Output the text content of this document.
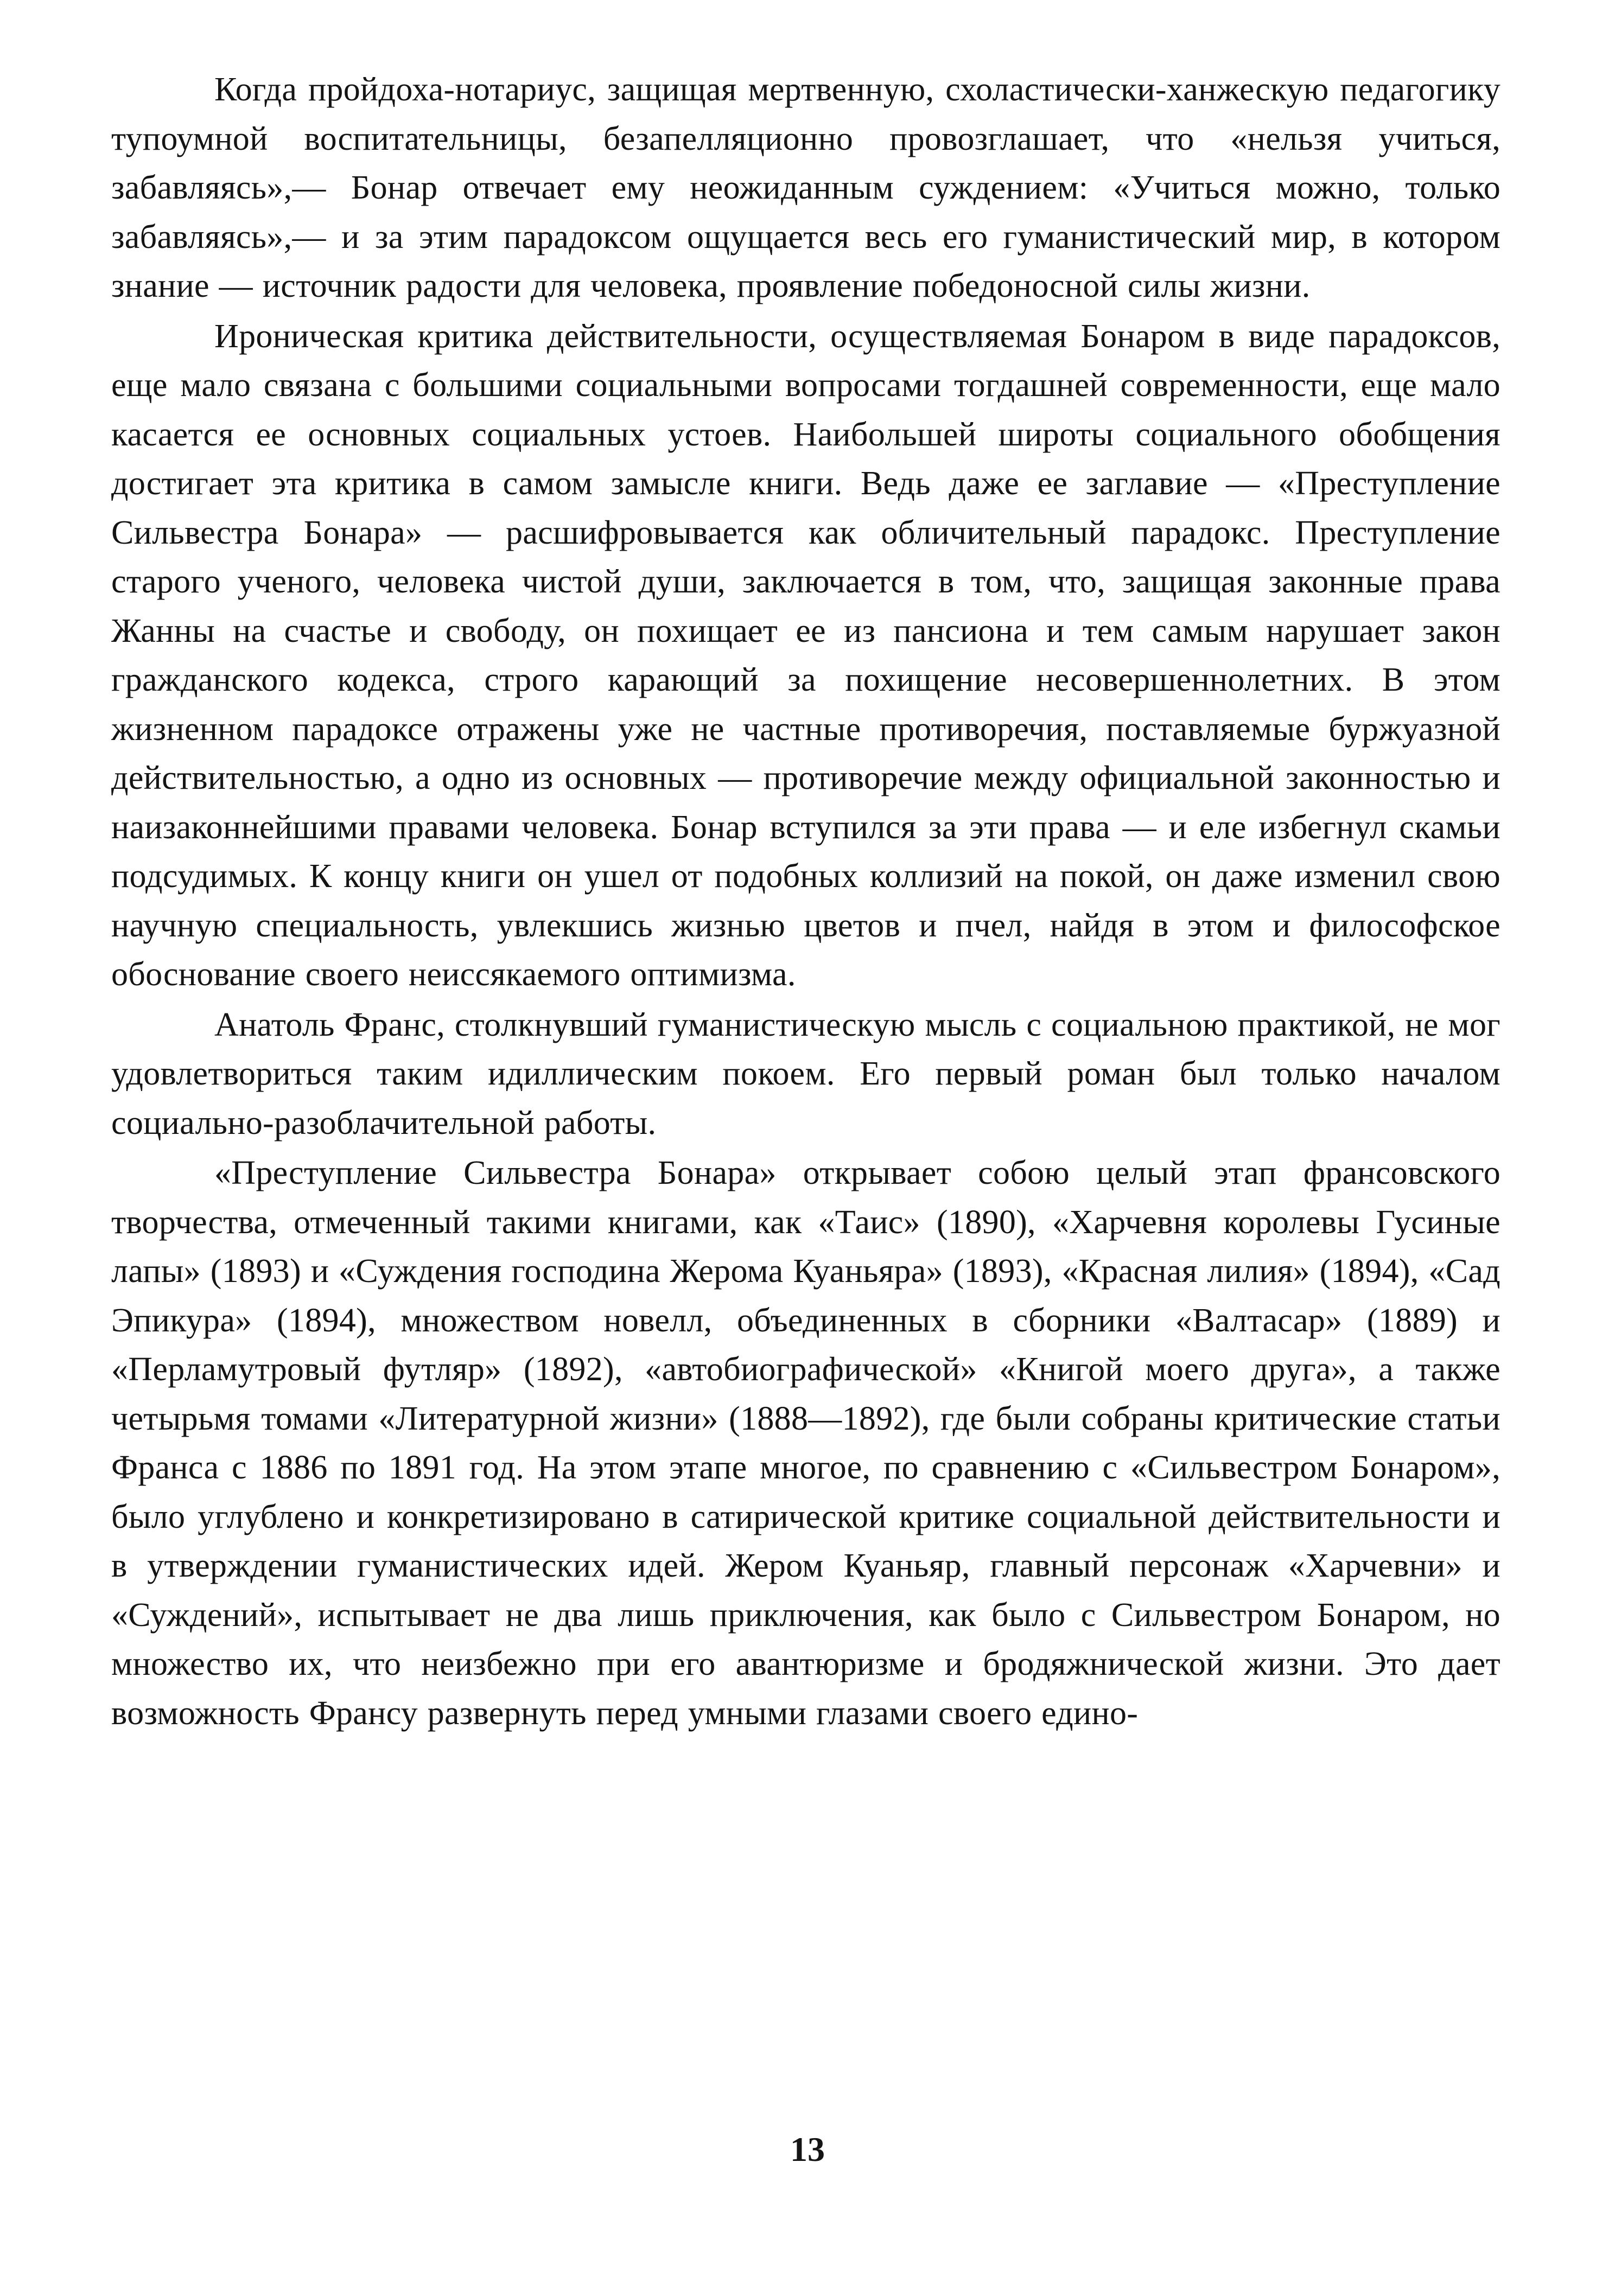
Когда пройдоха-нотариус, защищая мертвенную, схоластически-ханжескую педагогику тупоумной воспитательницы, безапелляционно провозглашает, что «нельзя учиться, забавляясь»,— Бонар отвечает ему неожиданным суждением: «Учиться можно, только забавляясь»,— и за этим парадоксом ощущается весь его гуманистический мир, в котором знание — источник радости для человека, проявление победоносной силы жизни.

Ироническая критика действительности, осуществляемая Бонаром в виде парадоксов, еще мало связана с большими социальными вопросами тогдашней современности, еще мало касается ее основных социальных устоев. Наибольшей широты социального обобщения достигает эта критика в самом замысле книги. Ведь даже ее заглавие — «Преступление Сильвестра Бонара» — расшифровывается как обличительный парадокс. Преступление старого ученого, человека чистой души, заключается в том, что, защищая законные права Жанны на счастье и свободу, он похищает ее из пансиона и тем самым нарушает закон гражданского кодекса, строго карающий за похищение несовершеннолетних. В этом жизненном парадоксе отражены уже не частные противоречия, поставляемые буржуазной действительностью, а одно из основных — противоречие между официальной законностью и наизаконнейшими правами человека. Бонар вступился за эти права — и еле избегнул скамьи подсудимых. К концу книги он ушел от подобных коллизий на покой, он даже изменил свою научную специальность, увлекшись жизнью цветов и пчел, найдя в этом и философское обоснование своего неиссякаемого оптимизма.

Анатоль Франс, столкнувший гуманистическую мысль с социальною практикой, не мог удовлетвориться таким идиллическим покоем. Его первый роман был только началом социально-разоблачительной работы.

«Преступление Сильвестра Бонара» открывает собою целый этап франсовского творчества, отмеченный такими книгами, как «Таис» (1890), «Харчевня королевы Гусиные лапы» (1893) и «Суждения господина Жерома Куаньяра» (1893), «Красная лилия» (1894), «Сад Эпикура» (1894), множеством новелл, объединенных в сборники «Валтасар» (1889) и «Перламутровый футляр» (1892), «автобиографической» «Книгой моего друга», а также четырьмя томами «Литературной жизни» (1888—1892), где были собраны критические статьи Франса с 1886 по 1891 год. На этом этапе многое, по сравнению с «Сильвестром Бонаром», было углублено и конкретизировано в сатирической критике социальной действительности и в утверждении гуманистических идей. Жером Куаньяр, главный персонаж «Харчевни» и «Суждений», испытывает не два лишь приключения, как было с Сильвестром Бонаром, но множество их, что неизбежно при его авантюризме и бродяжнической жизни. Это дает возможность Франсу развернуть перед умными глазами своего едино-

13
